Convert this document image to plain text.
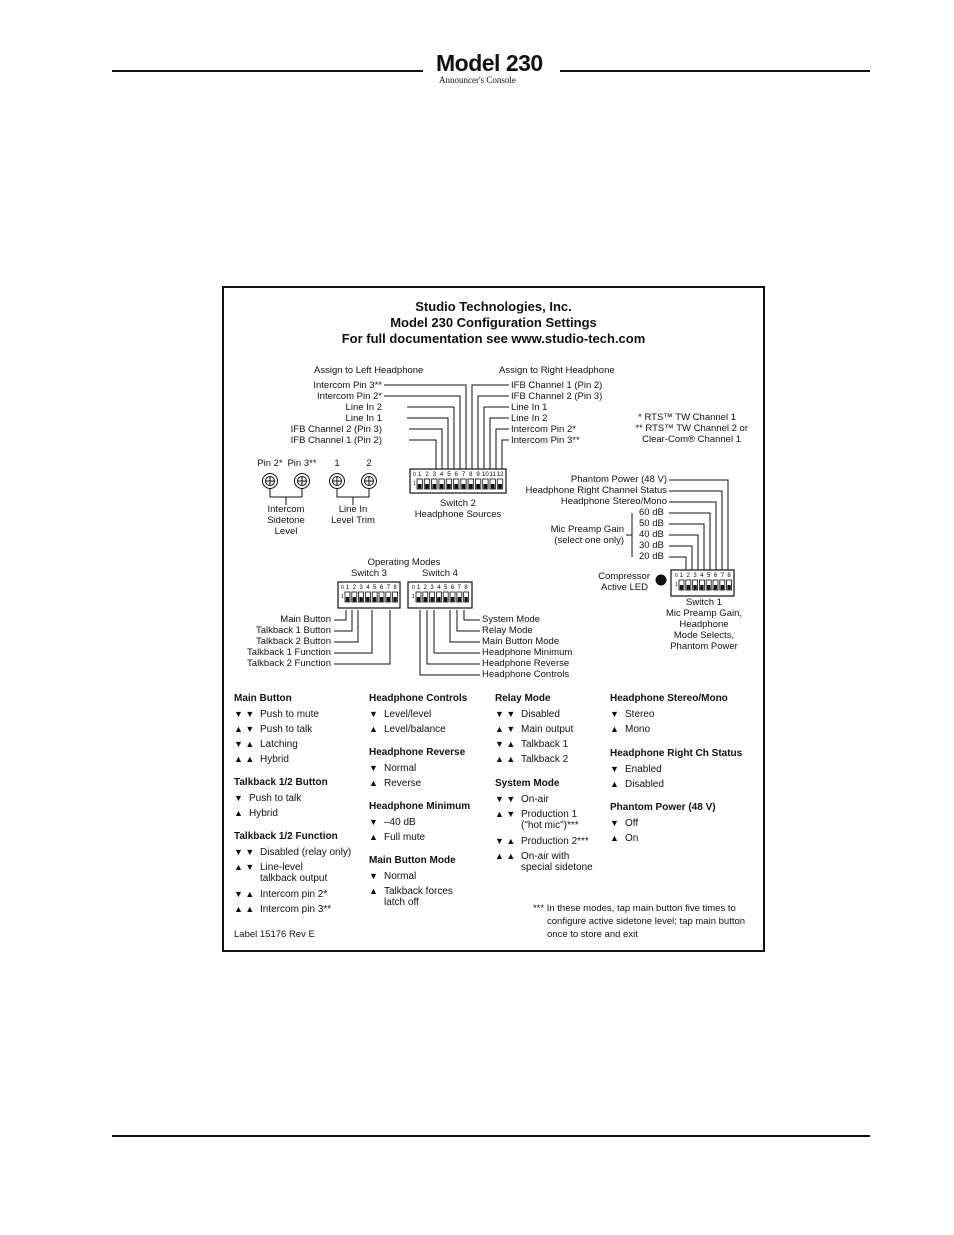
Model 230
Announcer's Console
Studio Technologies, Inc.
Model 230 Configuration Settings
For full documentation see www.studio-tech.com
Assign to Left Headphone
Intercom Pin 3**
Intercom Pin 2*
Line In 2
Line In 1
IFB Channel 2 (Pin 3)
IFB Channel 1 (Pin 2)
Assign to Right Headphone
IFB Channel 1 (Pin 2)
IFB Channel 2 (Pin 3)
Line In 1
Line In 2
Intercom Pin 2*
Intercom Pin 3**
* RTS™ TW Channel 1
** RTS™ TW Channel 2 or
Clear-Com® Channel 1
0
1
1 2 3 4 5 6 7 8 9 10 11 12
0
1
1 2 3 4 5 6 7 8	0
1
1 2 3 4 5 6 7 8
0
1
1 2 3 4 5 6 7 8
Switch 2
Headphone Sources
Pin 2* Pin 3**	1	2
Intercom
Sidetone
Level
Line In
Level Trim
Phantom Power (48 V)
Headphone Right Channel Status
Headphone Stereo/Mono
60 dB
50 dB
40 dB
30 dB
20 dB
Mic Preamp Gain
(select one only)
Compressor
Active LED
Switch 1
Mic Preamp Gain,
Headphone
Mode Selects,
Phantom Power
Operating Modes
Switch 3	Switch 4
Main Button
Talkback 1 Button
Talkback 2 Button
Talkback 1 Function
Talkback 2 Function
System Mode
Relay Mode
Main Button Mode
Headphone Minimum
Headphone Reverse
Headphone Controls
Main Button
▼ ▼ Push to mute
▲ ▼ Push to talk
▼ ▲ Latching
▲ ▲ Hybrid
Talkback 1/2 Button
▼ Push to talk
▲ Hybrid
Talkback 1/2 Function
▼ ▼ Disabled (relay only)
▲ ▼ Line-level
talkback output
▼ ▲ Intercom pin 2*
▲ ▲ Intercom pin 3**
Label 15176 Rev E
Headphone Controls
▼ Level/level
▲ Level/balance
Headphone Reverse
▼ Normal
▲ Reverse
Headphone Minimum
▼ –40 dB
▲ Full mute
Main Button Mode
▼ Normal
▲ Talkback forces
latch off
Relay Mode
▼ ▼ Disabled
▲ ▼ Main output
▼ ▲ Talkback 1
▲ ▲ Talkback 2
System Mode
▼ ▼ On-air
▲ ▼ Production 1
("hot mic")***
▼ ▲ Production 2***
▲ ▲ On-air with
special sidetone
Headphone Stereo/Mono
▼ Stereo
▲ Mono
Headphone Right Ch Status
▼ Enabled
▲ Disabled
Phantom Power (48 V)
▼ Off
▲ On
*** In these modes, tap main button five times to
configure active sidetone level; tap main button
once to store and exit
